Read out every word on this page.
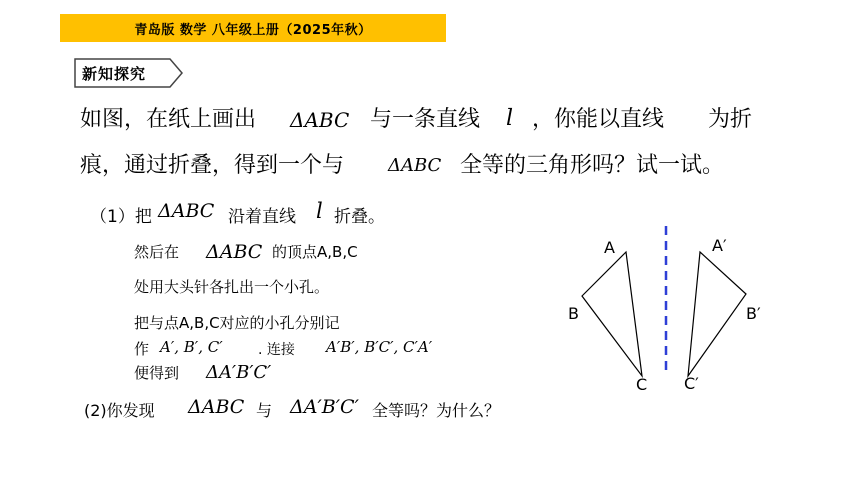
青岛版 数学 八年级上册（2025年秋）
新知探究
如图，在纸上画出 ΔABC 与一条直线 l ，你能以直线 为折
痕，通过折叠，得到一个与 ΔABC 全等的三角形吗？试一试。
（1）把 ΔABC 沿着直线 l 折叠。
然后在 ΔABC 的顶点A,B,C
处用大头针各扎出一个小孔。
把与点A,B,C对应的小孔分别记
作 A′, B′, C′	. 连接 A′B′, B′C′, C′A′
便得到 ΔA′B′C′
(2)你发现 ΔABC 与 ΔA′B′C′ 全等吗？为什么？
A
B
C
A′
B′
C′
